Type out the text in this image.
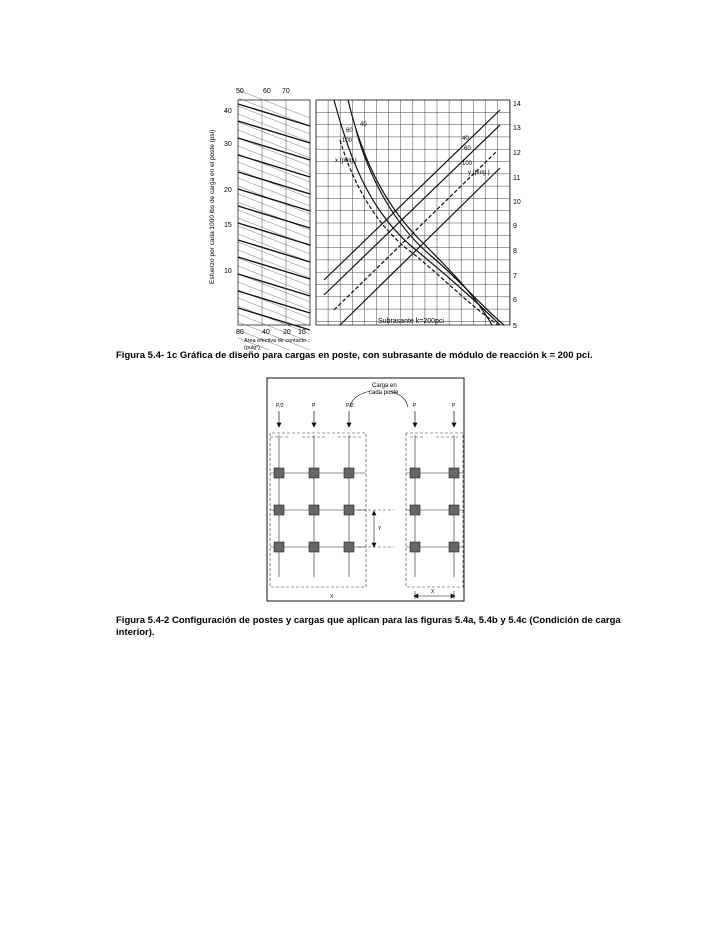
50	60 70
40
30
20
15
10
Esfuerzo por cada 1000 lbs de carga en el poste (psi)
80	40 20 10
Area efectiva de contacto
(pulg²)
14
13
12
11
10
9
8
7
6
5
40
60
100
x (pulg.)
40
60
100
y (pulg.)
Subrasante k=200pci
Figura 5.4- 1c Gráfica de diseño para cargas en poste, con subrasante de módulo de reacción k = 200 pci.
Carga en
cada poste
P/2	P	P/2	P	P
Y
X
X
Figura 5.4-2 Configuración de postes y cargas que aplican para las figuras 5.4a, 5.4b y 5.4c (Condición de carga interior).
